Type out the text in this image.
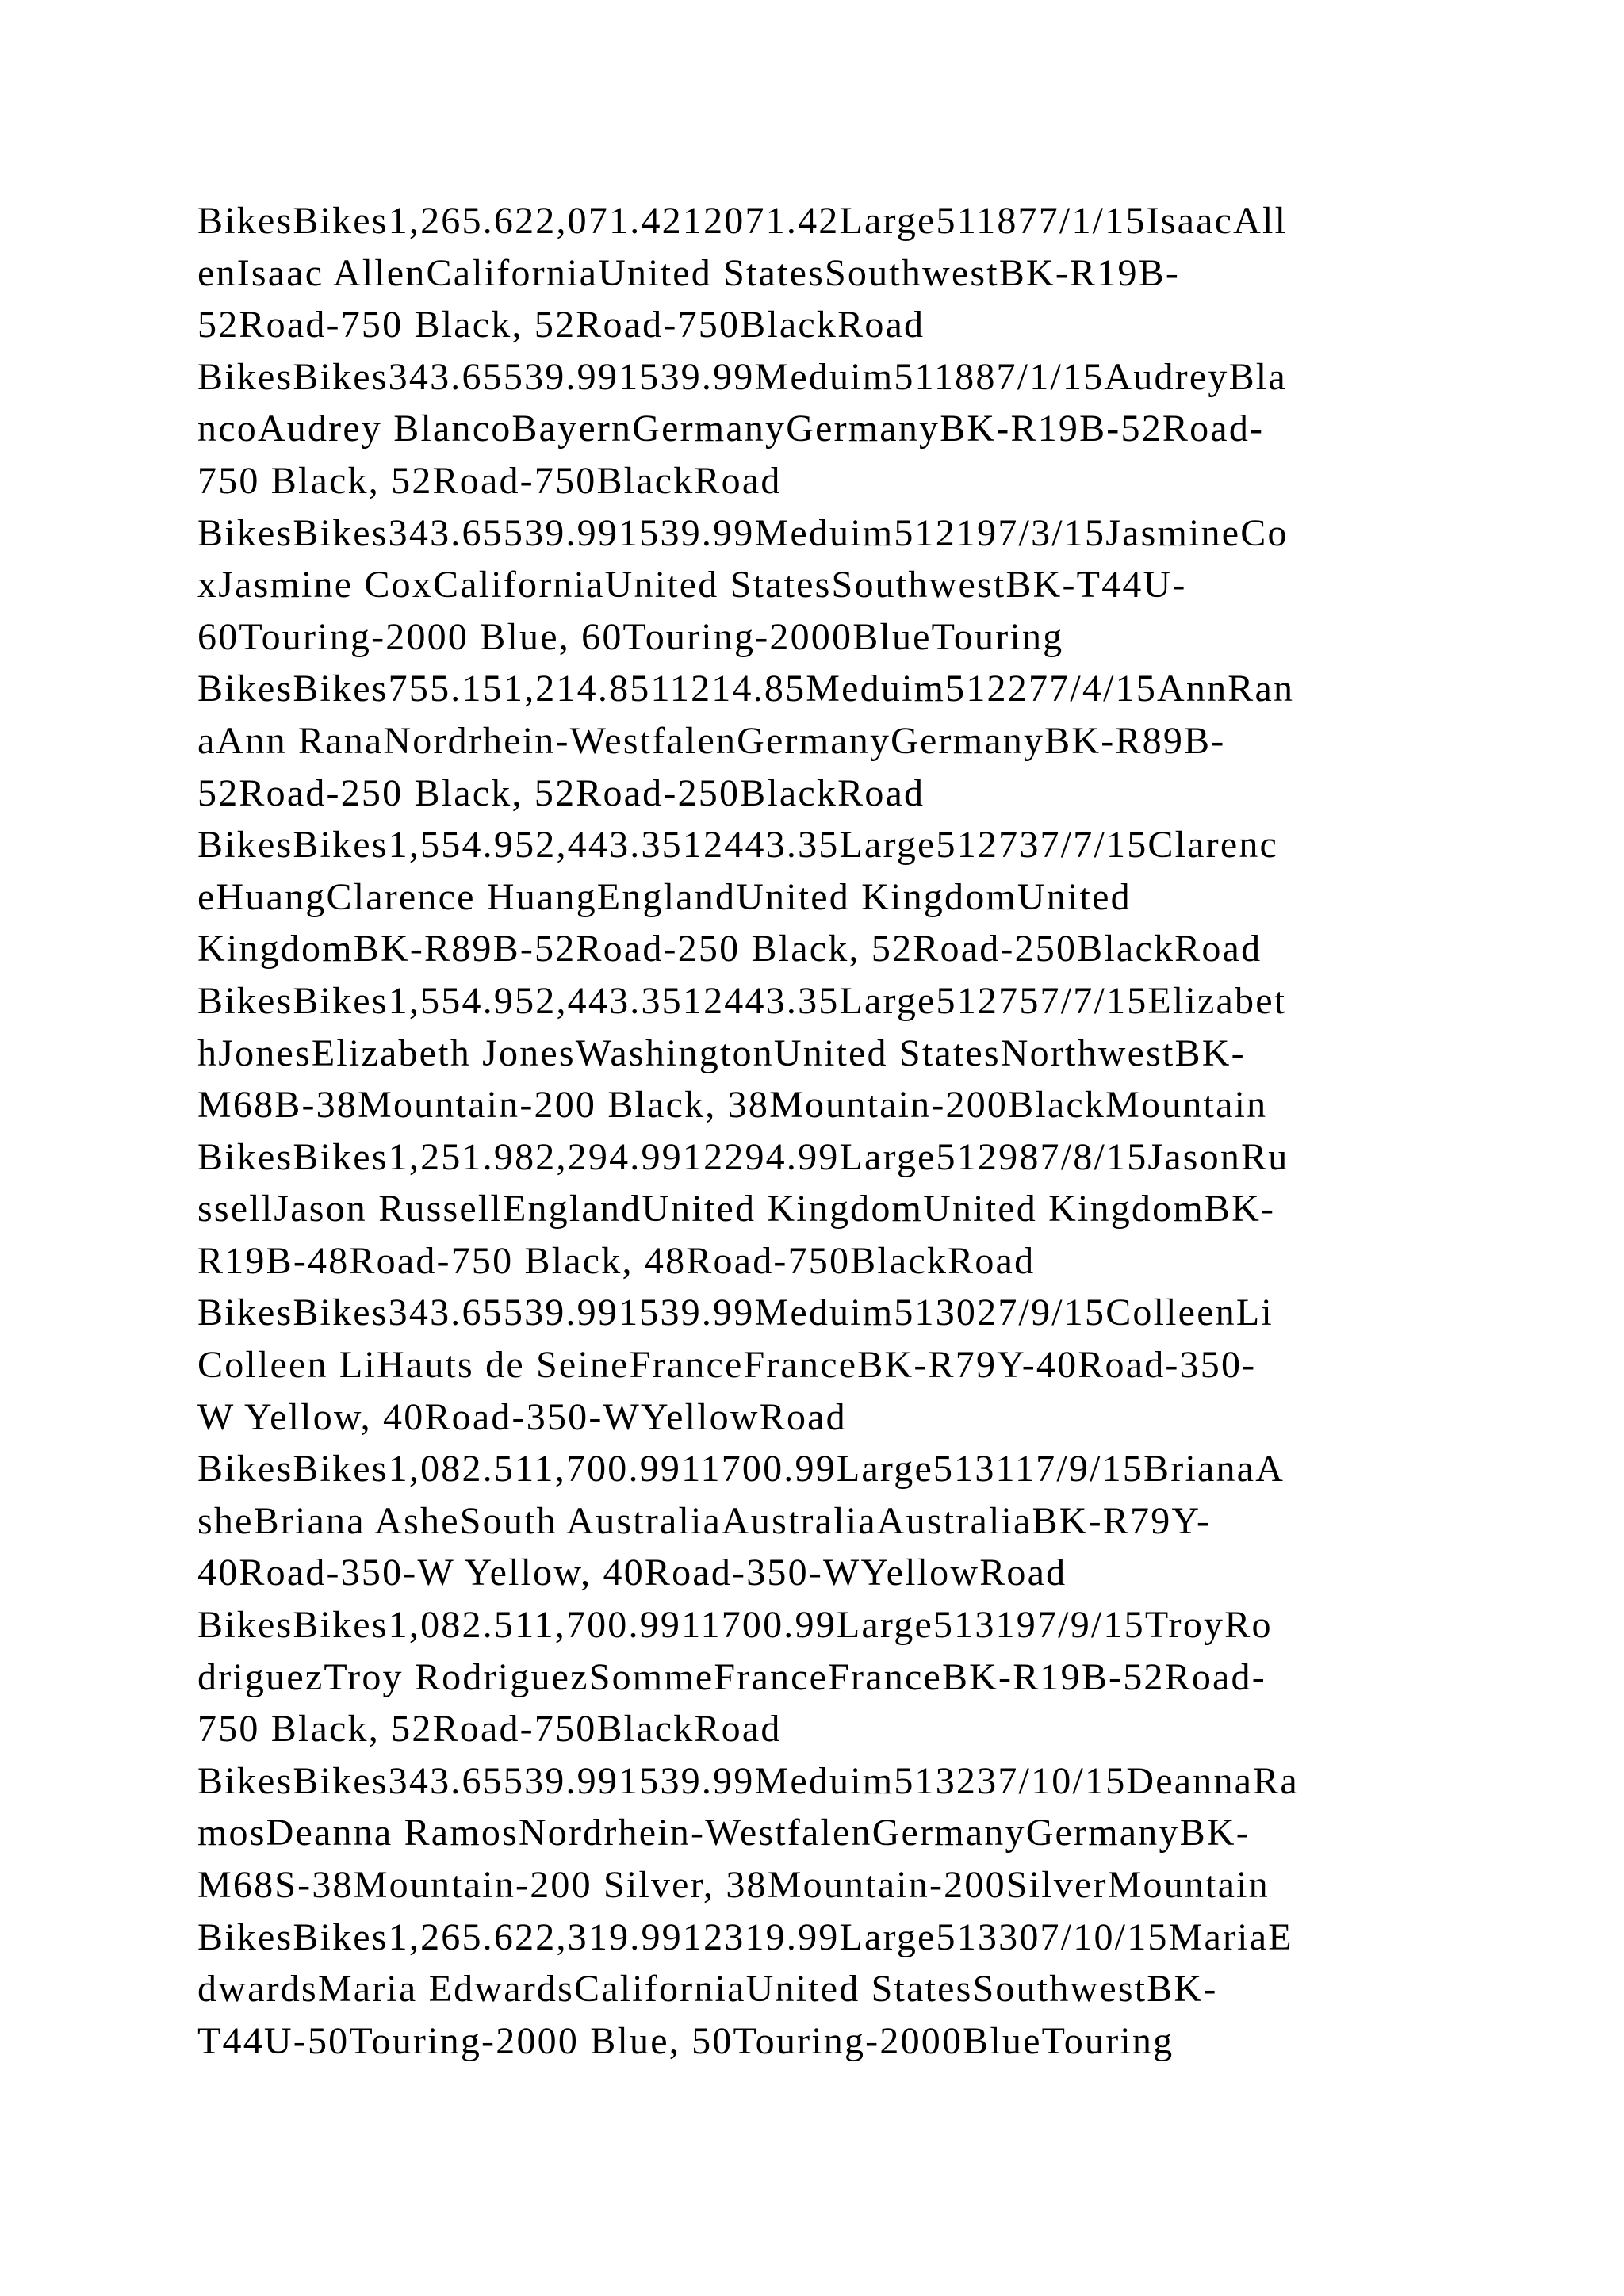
BikesBikes1,265.622,071.4212071.42Large511877/1/15IsaacAll
enIsaac AllenCaliforniaUnited StatesSouthwestBK-R19B-
52Road-750 Black, 52Road-750BlackRoad
BikesBikes343.65539.991539.99Meduim511887/1/15AudreyBla
ncoAudrey BlancoBayernGermanyGermanyBK-R19B-52Road-
750 Black, 52Road-750BlackRoad
BikesBikes343.65539.991539.99Meduim512197/3/15JasmineCo
xJasmine CoxCaliforniaUnited StatesSouthwestBK-T44U-
60Touring-2000 Blue, 60Touring-2000BlueTouring
BikesBikes755.151,214.8511214.85Meduim512277/4/15AnnRan
aAnn RanaNordrhein-WestfalenGermanyGermanyBK-R89B-
52Road-250 Black, 52Road-250BlackRoad
BikesBikes1,554.952,443.3512443.35Large512737/7/15Clarenc
eHuangClarence HuangEnglandUnited KingdomUnited
KingdomBK-R89B-52Road-250 Black, 52Road-250BlackRoad
BikesBikes1,554.952,443.3512443.35Large512757/7/15Elizabet
hJonesElizabeth JonesWashingtonUnited StatesNorthwestBK-
M68B-38Mountain-200 Black, 38Mountain-200BlackMountain
BikesBikes1,251.982,294.9912294.99Large512987/8/15JasonRu
ssellJason RussellEnglandUnited KingdomUnited KingdomBK-
R19B-48Road-750 Black, 48Road-750BlackRoad
BikesBikes343.65539.991539.99Meduim513027/9/15ColleenLi
Colleen LiHauts de SeineFranceFranceBK-R79Y-40Road-350-
W Yellow, 40Road-350-WYellowRoad
BikesBikes1,082.511,700.9911700.99Large513117/9/15BrianaA
sheBriana AsheSouth AustraliaAustraliaAustraliaBK-R79Y-
40Road-350-W Yellow, 40Road-350-WYellowRoad
BikesBikes1,082.511,700.9911700.99Large513197/9/15TroyRo
driguezTroy RodriguezSommeFranceFranceBK-R19B-52Road-
750 Black, 52Road-750BlackRoad
BikesBikes343.65539.991539.99Meduim513237/10/15DeannaRa
mosDeanna RamosNordrhein-WestfalenGermanyGermanyBK-
M68S-38Mountain-200 Silver, 38Mountain-200SilverMountain
BikesBikes1,265.622,319.9912319.99Large513307/10/15MariaE
dwardsMaria EdwardsCaliforniaUnited StatesSouthwestBK-
T44U-50Touring-2000 Blue, 50Touring-2000BlueTouring
